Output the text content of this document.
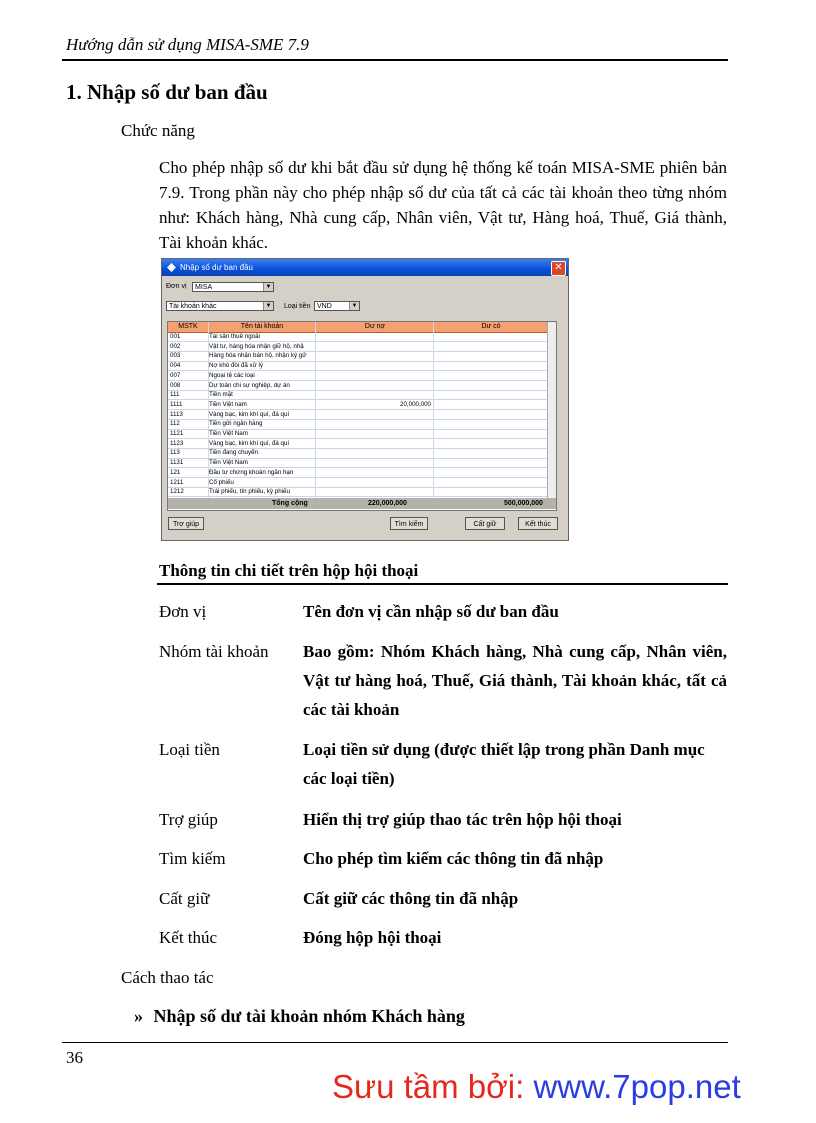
Hướng dẫn sử dụng MISA-SME 7.9
1. Nhập số dư ban đầu
Chức năng
Cho phép nhập số dư khi bắt đầu sử dụng hệ thống kế toán MISA-SME phiên bản 7.9. Trong phần này cho phép nhập số dư của tất cả các tài khoản theo từng nhóm như: Khách hàng, Nhà cung cấp, Nhân viên, Vật tư, Hàng hoá, Thuế, Giá thành, Tài khoản khác.
Nhập số dư ban đầu	✕
Đơn vị	MISA	▼
Tài khoản khác	▼ Loại tiền VND	▼
MSTK	Tên tài khoản	Dư nợ	Dư có
001	Tài sản thuê ngoài
002	Vật tư, hàng hóa nhận giữ hộ, nhậ
003	Hàng hóa nhận bán hộ, nhận ký gử
004	Nợ khó đòi đã xử lý
007	Ngoại tệ các loại
008	Dự toán chi sự nghiệp, dự án
111	Tiền mặt
1111	Tiền Việt nam	20,000,000
1113	Vàng bạc, kim khí quí, đá quí
112	Tiền gửi ngân hàng
1121	Tiền Việt Nam
1123	Vàng bạc, kim khí quí, đá quí
113	Tiền đang chuyển
1131	Tiền Việt Nam
121	Đầu tư chứng khoán ngắn hạn
1211	Cổ phiếu
1212	Trái phiếu, tín phiếu, kỳ phiếu
Tổng cộng	220,000,000	500,000,000
Trợ giúp	Tìm kiếm	Cất giữ	Kết thúc
Thông tin chi tiết trên hộp hội thoại
Đơn vị	Tên đơn vị cần nhập số dư ban đầu
Nhóm tài khoản Bao gồm: Nhóm Khách hàng, Nhà cung cấp, Nhân viên, Vật tư hàng hoá, Thuế, Giá thành, Tài khoản khác, tất cả các tài khoản
Loại tiền	Loại tiền sử dụng (được thiết lập trong phần Danh mục các loại tiền)
Trợ giúp	Hiển thị trợ giúp thao tác trên hộp hội thoại
Tìm kiếm	Cho phép tìm kiếm các thông tin đã nhập
Cất giữ	Cất giữ các thông tin đã nhập
Kết thúc	Đóng hộp hội thoại
Cách thao tác
» Nhập số dư tài khoản nhóm Khách hàng
36
Sưu tầm bởi: www.7pop.net
